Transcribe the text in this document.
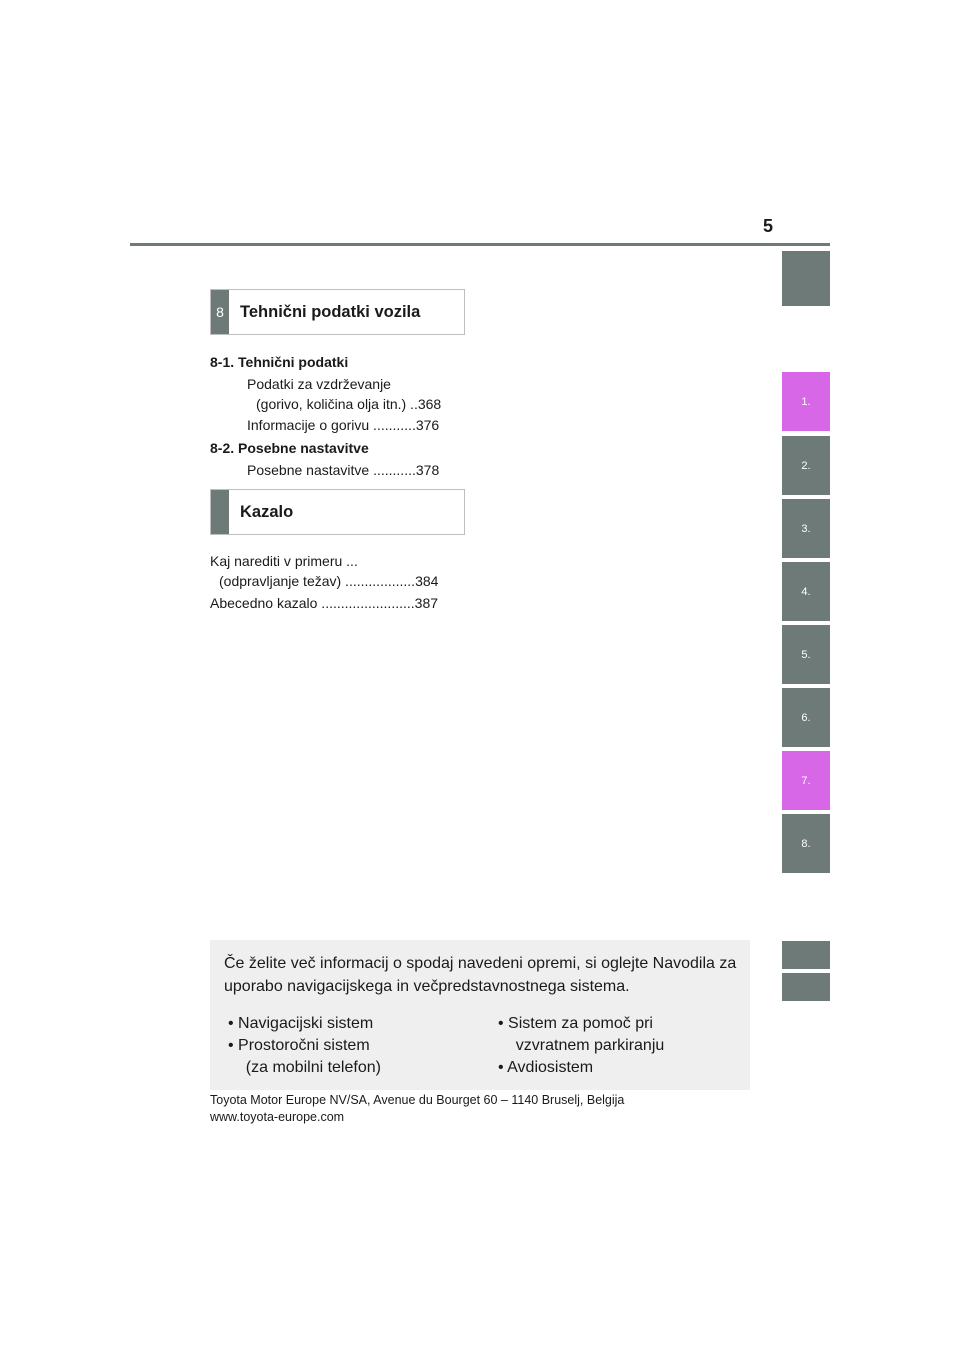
5
1.
2.
3.
4.
5.
6.
7.
8.
8 Tehnični podatki vozila
8-1. Tehnični podatki
Podatki za vzdrževanje
(gorivo, količina olja itn.) ..368
Informacije o gorivu ...........376
8-2. Posebne nastavitve
Posebne nastavitve ...........378
Kazalo
Kaj narediti v primeru ...
(odpravljanje težav) ..................384
Abecedno kazalo ........................387
Če želite več informacij o spodaj navedeni opremi, si oglejte Navodila za uporabo navigacijskega in večpredstavnostnega sistema.
• Navigacijski sistem
• Prostoročni sistem
(za mobilni telefon)
• Sistem za pomoč pri
vzvratnem parkiranju
• Avdiosistem
Toyota Motor Europe NV/SA, Avenue du Bourget 60 – 1140 Bruselj, Belgija
www.toyota-europe.com
